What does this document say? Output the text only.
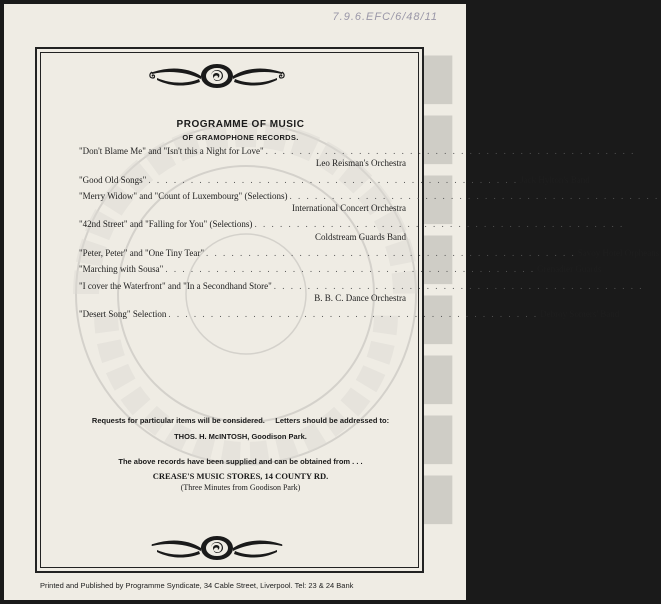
7.9.6.EFC/6/48/11
█
█
█
█
█
█
█
█
PROGRAMME OF MUSIC
OF GRAMOPHONE RECORDS.
"Don't Blame Me" and "Isn't this a Night for Love" . . . . . . . . . . . . . . . . . . . . . . . . . . . . . . . . . . . . . . . . . . . .
Leo Reisman's Orchestra
"Good Old Songs" . . . . . . . . . . . . . . . . . . . . . . . . . . . . . . . . . . . . . . . . . . . . Jack Hylton's Band
"Merry Widow" and "Count of Luxembourg" (Selections) . . . . . . . . . . . . . . . . . . . . . . . . . . . . . . . . . . . . . . . . . . . .
International Concert Orchestra
"42nd Street" and "Falling for You" (Selections) . . . . . . . . . . . . . . . . . . . . . . . . . . . . . . . . . . . . . . . . . . . .
Coldstream Guards Band
"Peter, Peter" and "One Tiny Tear" . . . . . . . . . . . . . . . . . . . . . . . . . . . . . . . . . . . . . . . . . . . . Savoy Hotel Orpheans
"Marching with Sousa" . . . . . . . . . . . . . . . . . . . . . . . . . . . . . . . . . . . . . . . . . . . . Grenadier Guards
"I cover the Waterfront" and "In a Secondhand Store" . . . . . . . . . . . . . . . . . . . . . . . . . . . . . . . . . . . . . . . . . . . .
B. B. C. Dance Orchestra
"Desert Song" Selection . . . . . . . . . . . . . . . . . . . . . . . . . . . . . . . . . . . . . . . . . . . . Debroy Somers' Band
Requests for particular items will be considered.     Letters should be addressed to:
THOS. H. McINTOSH, Goodison Park.
The above records have been supplied and can be obtained from . . .
CREASE'S MUSIC STORES, 14 COUNTY RD.
(Three Minutes from Goodison Park)
Printed and Published by Programme Syndicate, 34 Cable Street, Liverpool. Tel: 23 & 24 Bank
